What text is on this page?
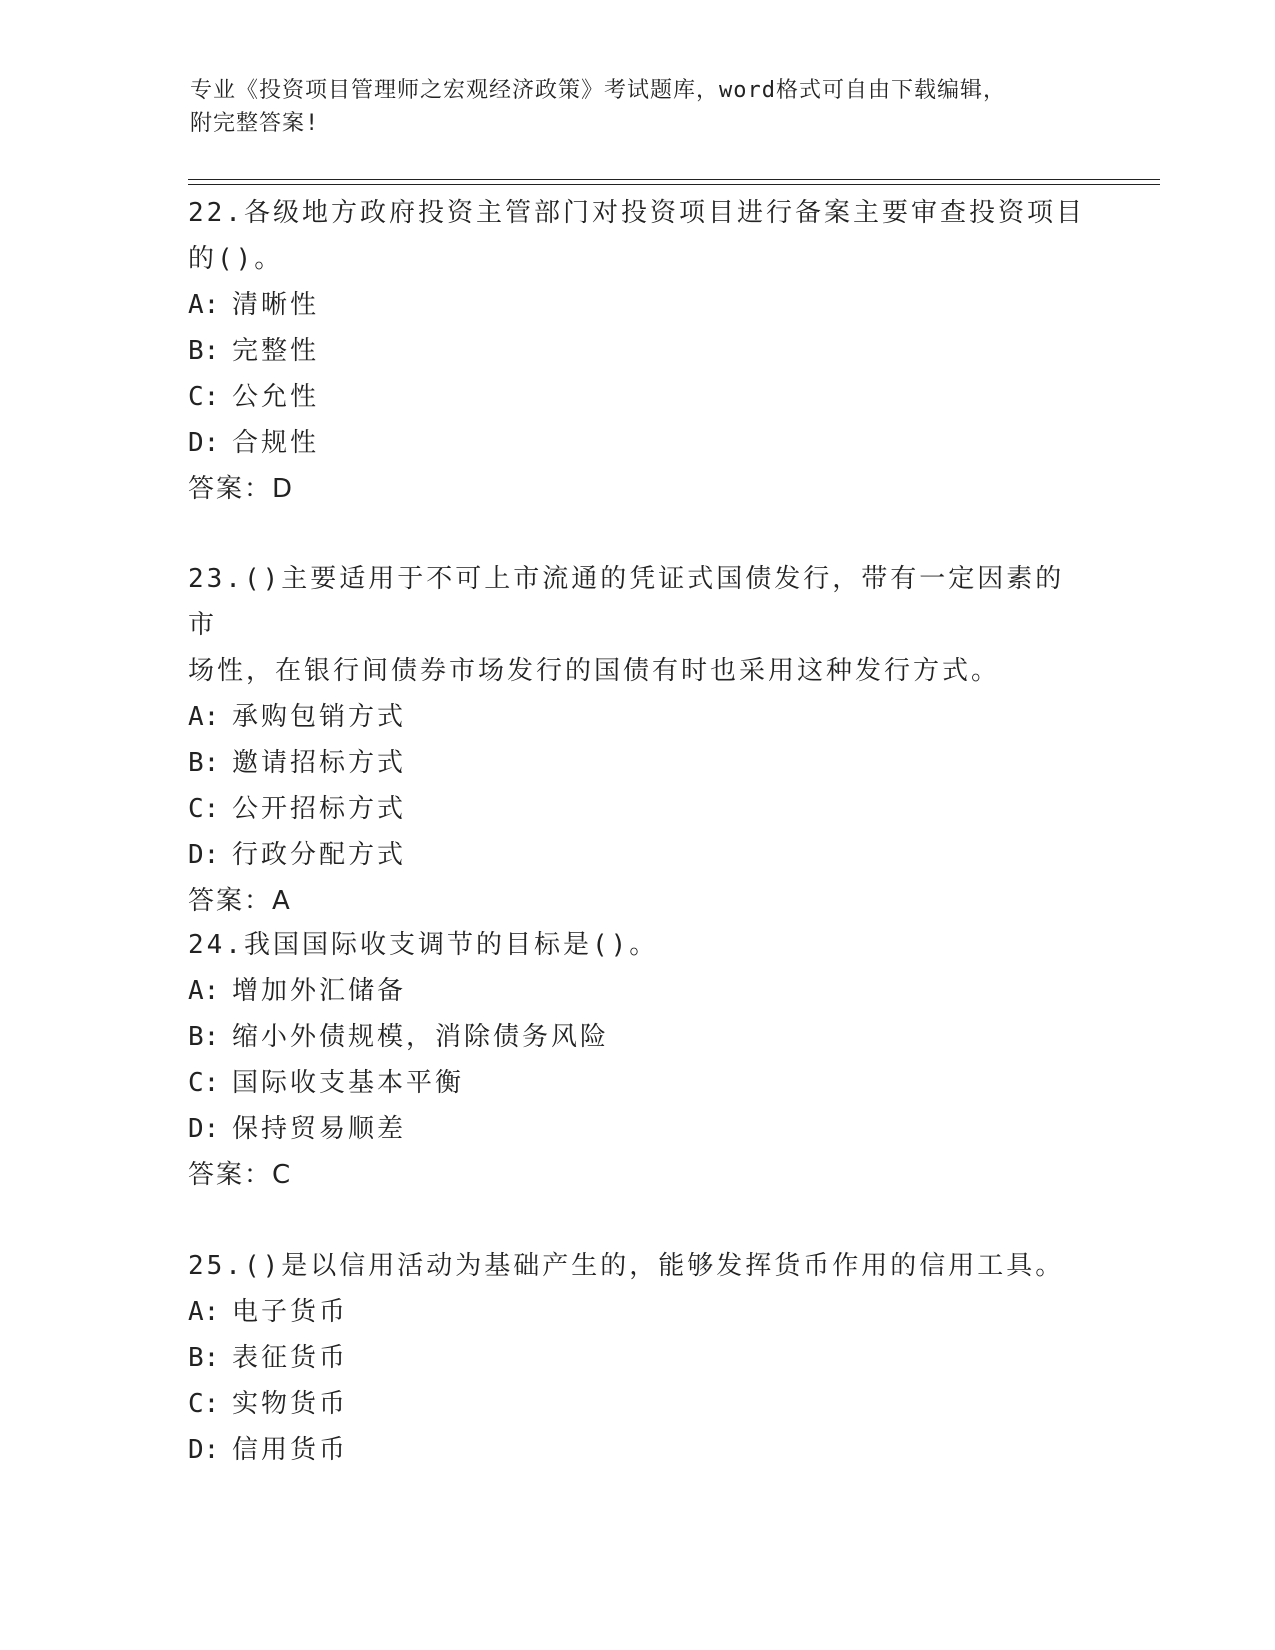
专业《投资项目管理师之宏观经济政策》考试题库，word格式可自由下载编辑，
附完整答案!

22.各级地方政府投资主管部门对投资项目进行备案主要审查投资项目
的()。

A: 清晰性

B: 完整性

C: 公允性

D: 合规性

答案：D

23.()主要适用于不可上市流通的凭证式国债发行，带有一定因素的市
场性，在银行间债券市场发行的国债有时也采用这种发行方式。

A: 承购包销方式

B: 邀请招标方式

C: 公开招标方式

D: 行政分配方式

答案：A

24.我国国际收支调节的目标是()。

A: 增加外汇储备

B: 缩小外债规模，消除债务风险

C: 国际收支基本平衡

D: 保持贸易顺差

答案：C

25.()是以信用活动为基础产生的，能够发挥货币作用的信用工具。

A: 电子货币

B: 表征货币

C: 实物货币

D: 信用货币
